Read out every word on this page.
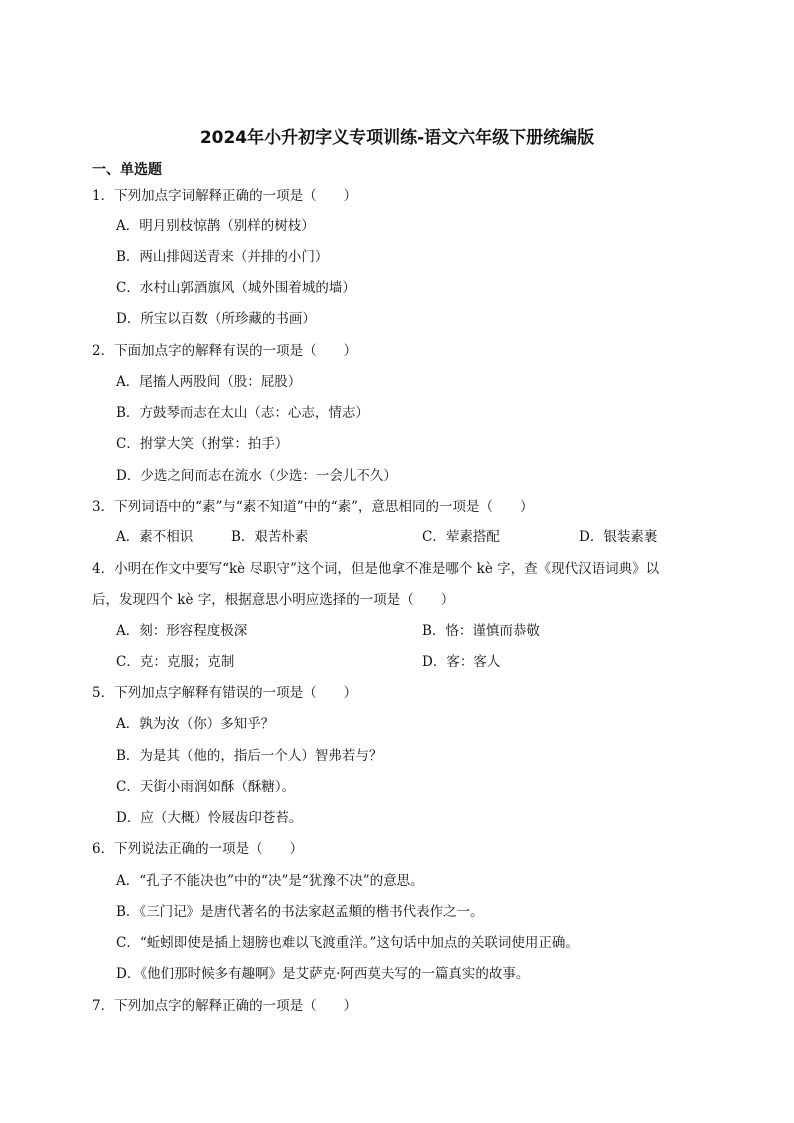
2024年小升初字义专项训练-语文六年级下册统编版
一、单选题
1．下列加点字词解释正确的一项是（　　）
A．明月别枝惊鹊（别样的树枝）
B．两山排闼送青来（并排的小门）
C．水村山郭酒旗风（城外围着城的墙）
D．所宝以百数（所珍藏的书画）
2．下面加点字的解释有误的一项是（　　）
A．尾搐人两股间（股：屁股）
B．方鼓琴而志在太山（志：心志，情志）
C．拊掌大笑（拊掌：拍手）
D．少选之间而志在流水（少选：一会儿不久）
3．下列词语中的“素”与“素不知道”中的“素”，意思相同的一项是（　　）
A．素不相识	B．艰苦朴素	C．荤素搭配	D．银装素裹
4．小明在作文中要写“kè 尽职守”这个词，但是他拿不准是哪个 kè 字，查《现代汉语词典》以
后，发现四个 kè 字，根据意思小明应选择的一项是（　　）
A．刻：形容程度极深	B．恪：谨慎而恭敬
C．克：克服；克制	D．客：客人
5．下列加点字解释有错误的一项是（　　）
A．孰为汝（你）多知乎？
B．为是其（他的，指后一个人）智弗若与？
C．天街小雨润如酥（酥糖）。
D．应（大概）怜屐齿印苍苔。
6．下列说法正确的一项是（　　）
A．“孔子不能决也”中的“决”是“犹豫不决”的意思。
B．《三门记》是唐代著名的书法家赵孟頫的楷书代表作之一。
C．“蚯蚓即使是插上翅膀也难以飞渡重洋。”这句话中加点的关联词使用正确。
D．《他们那时候多有趣啊》是艾萨克·阿西莫夫写的一篇真实的故事。
7．下列加点字的解释正确的一项是（　　）
